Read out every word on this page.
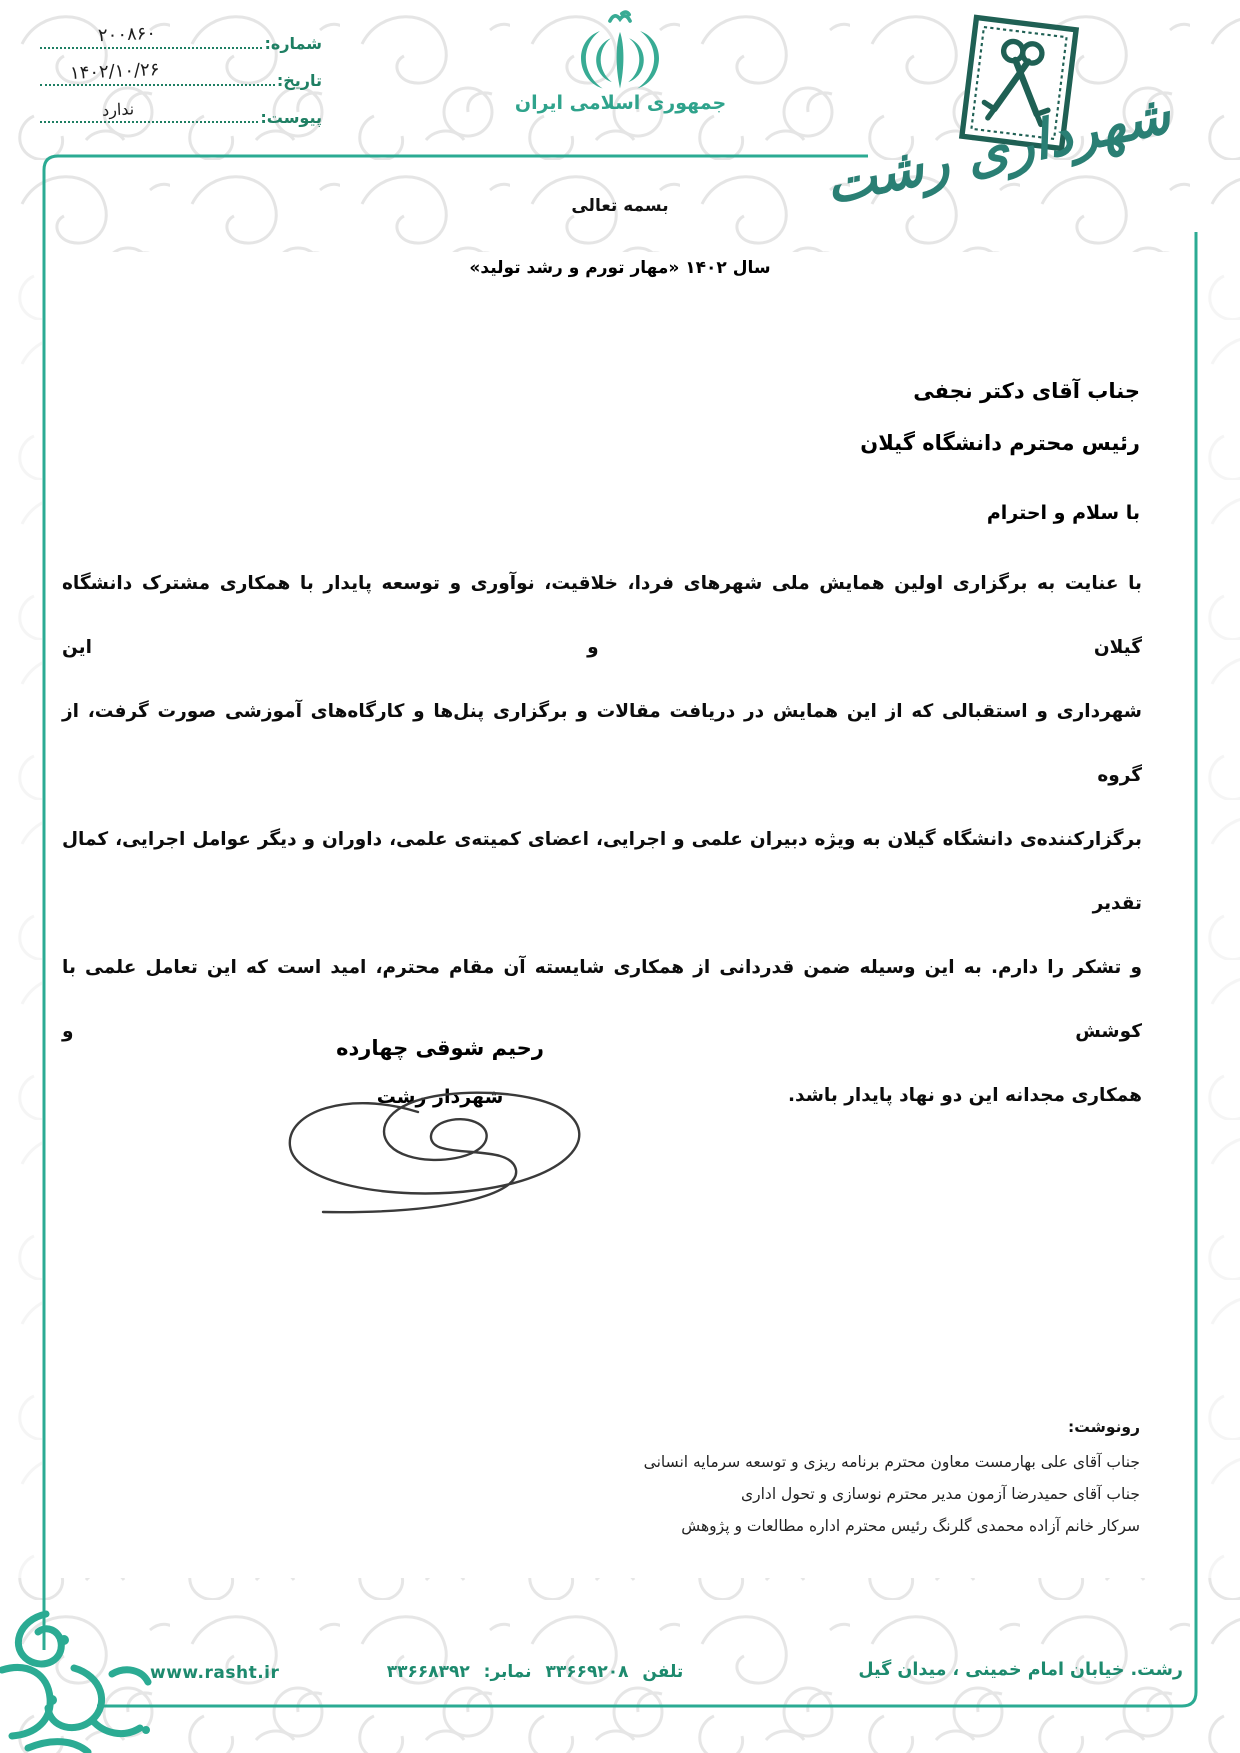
شماره:
۲۰۰۸۶۰
تاریخ:
۱۴۰۲/۱۰/۲۶
پیوست:
ندارد	جمهوری اسلامی ایران	شهرداری رشت
بسمه تعالی
سال ۱۴۰۲ «مهار تورم و رشد تولید»
جناب آقای دکتر نجفی
رئیس محترم دانشگاه گیلان
با سلام و احترام
با عنایت به برگزاری اولین همایش ملی شهرهای فردا، خلاقیت، نوآوری و توسعه پایدار با همکاری مشترک دانشگاه گیلان و این
شهرداری و استقبالی که از این همایش در دریافت مقالات و برگزاری پنل‌ها و کارگاه‌های آموزشی صورت گرفت، از گروه
برگزارکننده‌ی دانشگاه گیلان به ویژه دبیران علمی و اجرایی، اعضای کمیته‌ی علمی، داوران و دیگر عوامل اجرایی، کمال تقدیر
و تشکر را دارم. به این وسیله ضمن قدردانی از همکاری شایسته آن مقام محترم، امید است که این تعامل علمی با کوشش و
همکاری مجدانه این دو نهاد پایدار باشد.
رحیم شوقی چهارده
شهردار رشت
رونوشت:
جناب آقای علی بهارمست معاون محترم برنامه ریزی و توسعه سرمایه انسانی
جناب آقای حمیدرضا آزمون مدیر محترم نوسازی و تحول اداری
سرکار خانم آزاده محمدی گلرنگ رئیس محترم اداره مطالعات و پژوهش
رشت. خیابان امام خمینی ، میدان گیل
تلفن ۳۳۶۶۹۲۰۸ نمابر: ۳۳۶۶۸۳۹۲
www.rasht.ir
